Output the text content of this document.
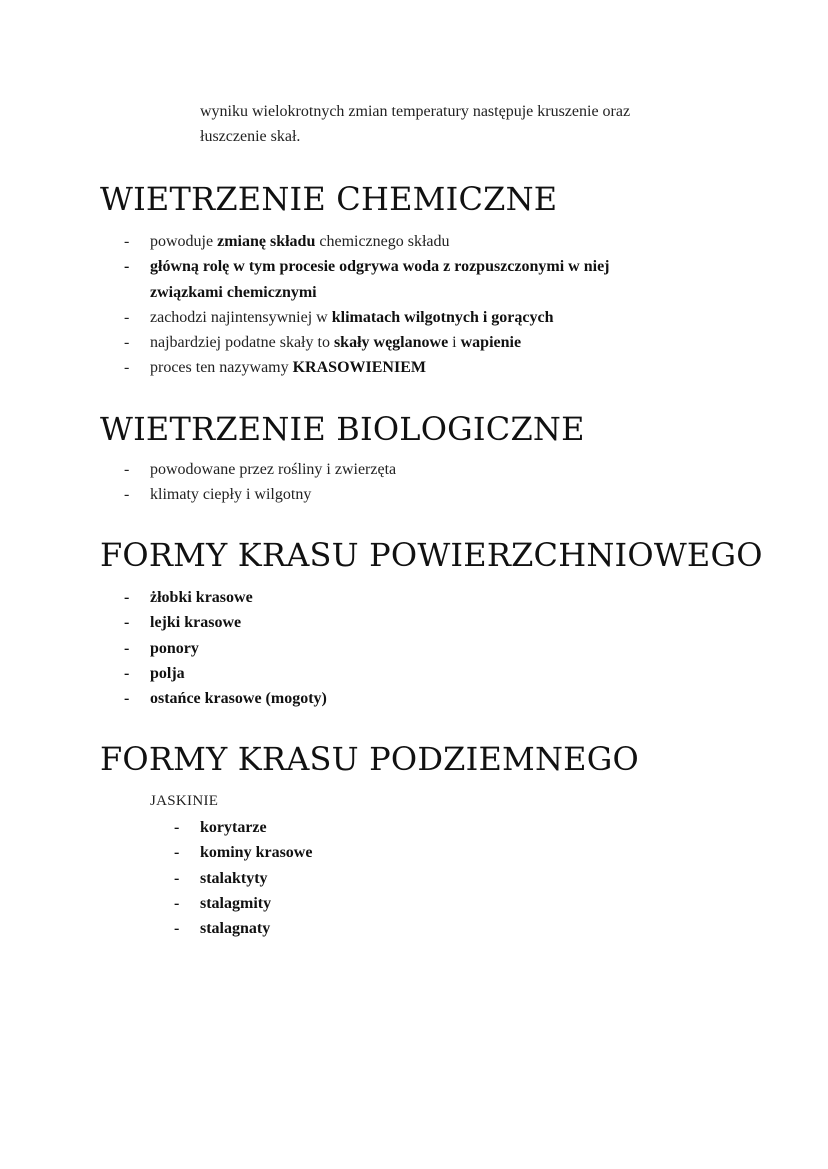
wyniku wielokrotnych zmian temperatury następuje kruszenie oraz

łuszczenie skał.

WIETRZENIE CHEMICZNE
- powoduje zmianę składu chemicznego składu
- główną rolę w tym procesie odgrywa woda z rozpuszczonymi w niej
związkami chemicznymi
- zachodzi najintensywniej w klimatach wilgotnych i gorących
- najbardziej podatne skały to skały węglanowe i wapienie
- proces ten nazywamy KRASOWIENIEM
WIETRZENIE BIOLOGICZNE
- powodowane przez rośliny i zwierzęta
- klimaty ciepły i wilgotny
FORMY KRASU POWIERZCHNIOWEGO
- żłobki krasowe
- lejki krasowe
- ponory
- polja
- ostańce krasowe (mogoty)
FORMY KRASU PODZIEMNEGO
JASKINIE
- korytarze
- kominy krasowe
- stalaktyty
- stalagmity
- stalagnaty
